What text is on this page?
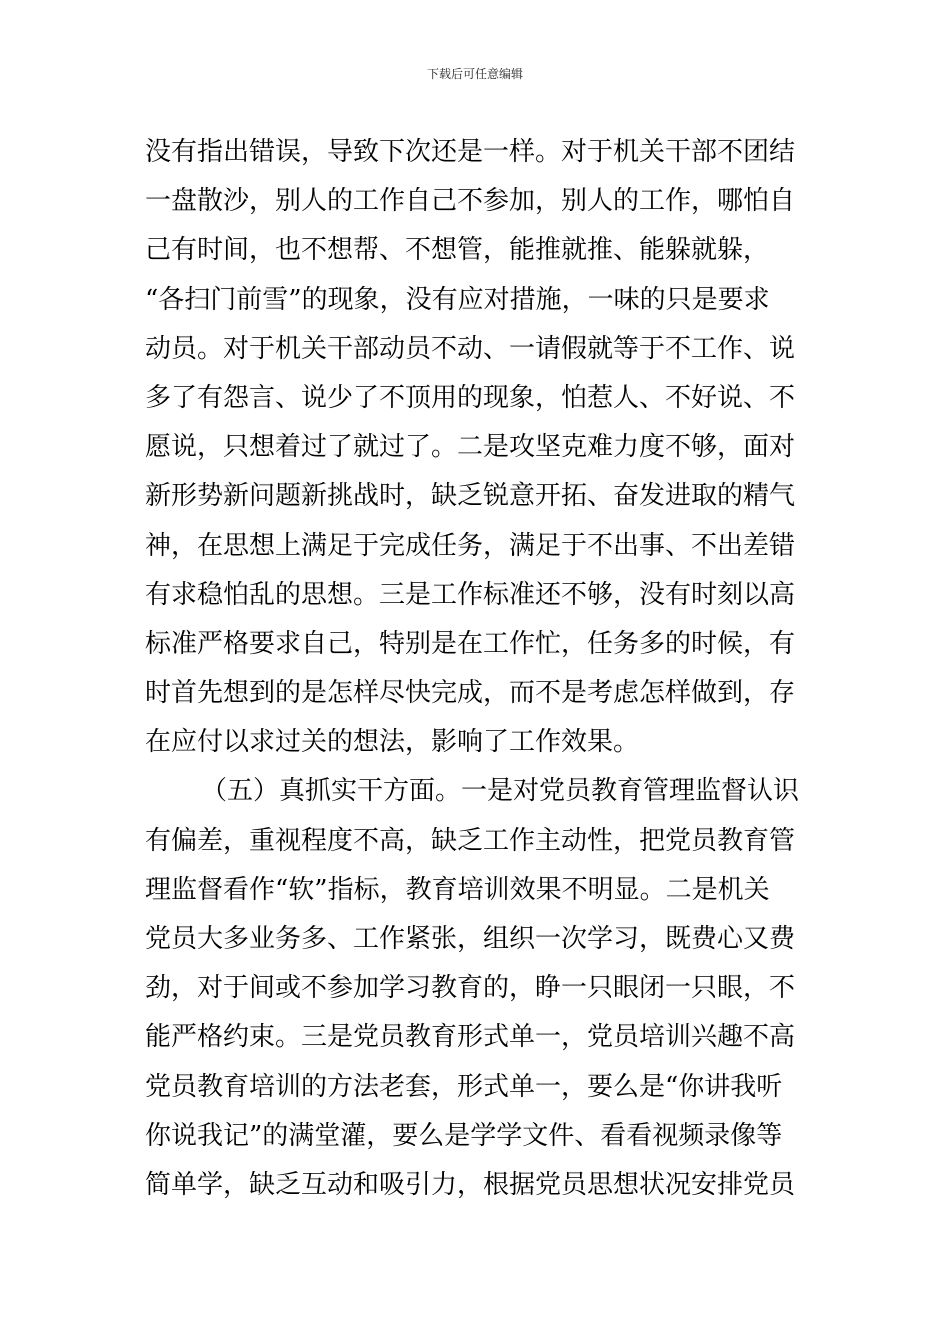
下载后可任意编辑
没有指出错误，导致下次还是一样。对于机关干部不团结
一盘散沙，别人的工作自己不参加，别人的工作，哪怕自
己有时间，也不想帮、不想管，能推就推、能躲就躲，
“各扫门前雪”的现象，没有应对措施，一味的只是要求
动员。对于机关干部动员不动、一请假就等于不工作、说
多了有怨言、说少了不顶用的现象，怕惹人、不好说、不
愿说，只想着过了就过了。二是攻坚克难力度不够，面对
新形势新问题新挑战时，缺乏锐意开拓、奋发进取的精气
神，在思想上满足于完成任务，满足于不出事、不出差错
有求稳怕乱的思想。三是工作标准还不够，没有时刻以高
标准严格要求自己，特别是在工作忙，任务多的时候，有
时首先想到的是怎样尽快完成，而不是考虑怎样做到，存
在应付以求过关的想法，影响了工作效果。
（五）真抓实干方面。一是对党员教育管理监督认识
有偏差，重视程度不高，缺乏工作主动性，把党员教育管
理监督看作“软”指标，教育培训效果不明显。二是机关
党员大多业务多、工作紧张，组织一次学习，既费心又费
劲，对于间或不参加学习教育的，睁一只眼闭一只眼，不
能严格约束。三是党员教育形式单一，党员培训兴趣不高
党员教育培训的方法老套，形式单一，要么是“你讲我听
你说我记”的满堂灌，要么是学学文件、看看视频录像等
简单学，缺乏互动和吸引力，根据党员思想状况安排党员
